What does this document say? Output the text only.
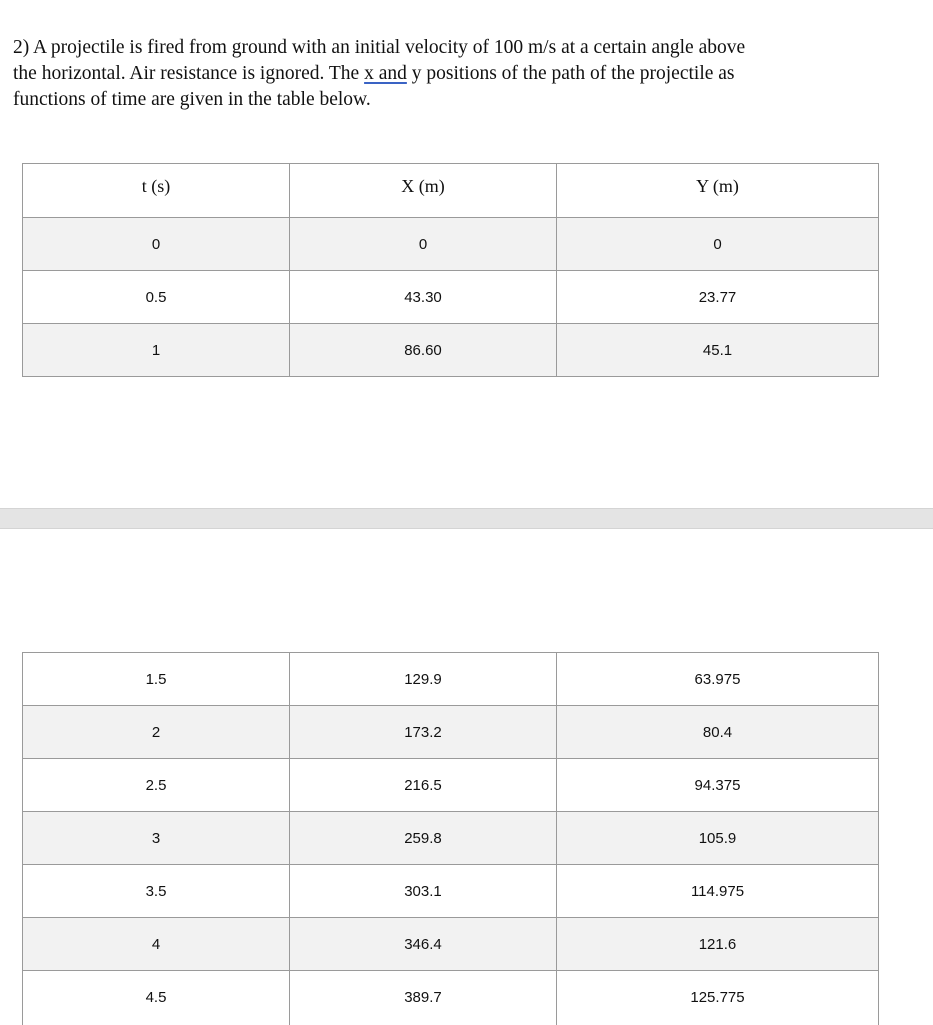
2) A projectile is fired from ground with an initial velocity of 100 m/s at a certain angle above
the horizontal. Air resistance is ignored. The x and y positions of the path of the projectile as
functions of time are given in the table below.
t (s)	X (m)	Y (m)
0	0	0
0.5	43.30	23.77
1	86.60	45.1
1.5	129.9	63.975
2	173.2	80.4
2.5	216.5	94.375
3	259.8	105.9
3.5	303.1	114.975
4	346.4	121.6
4.5	389.7	125.775
